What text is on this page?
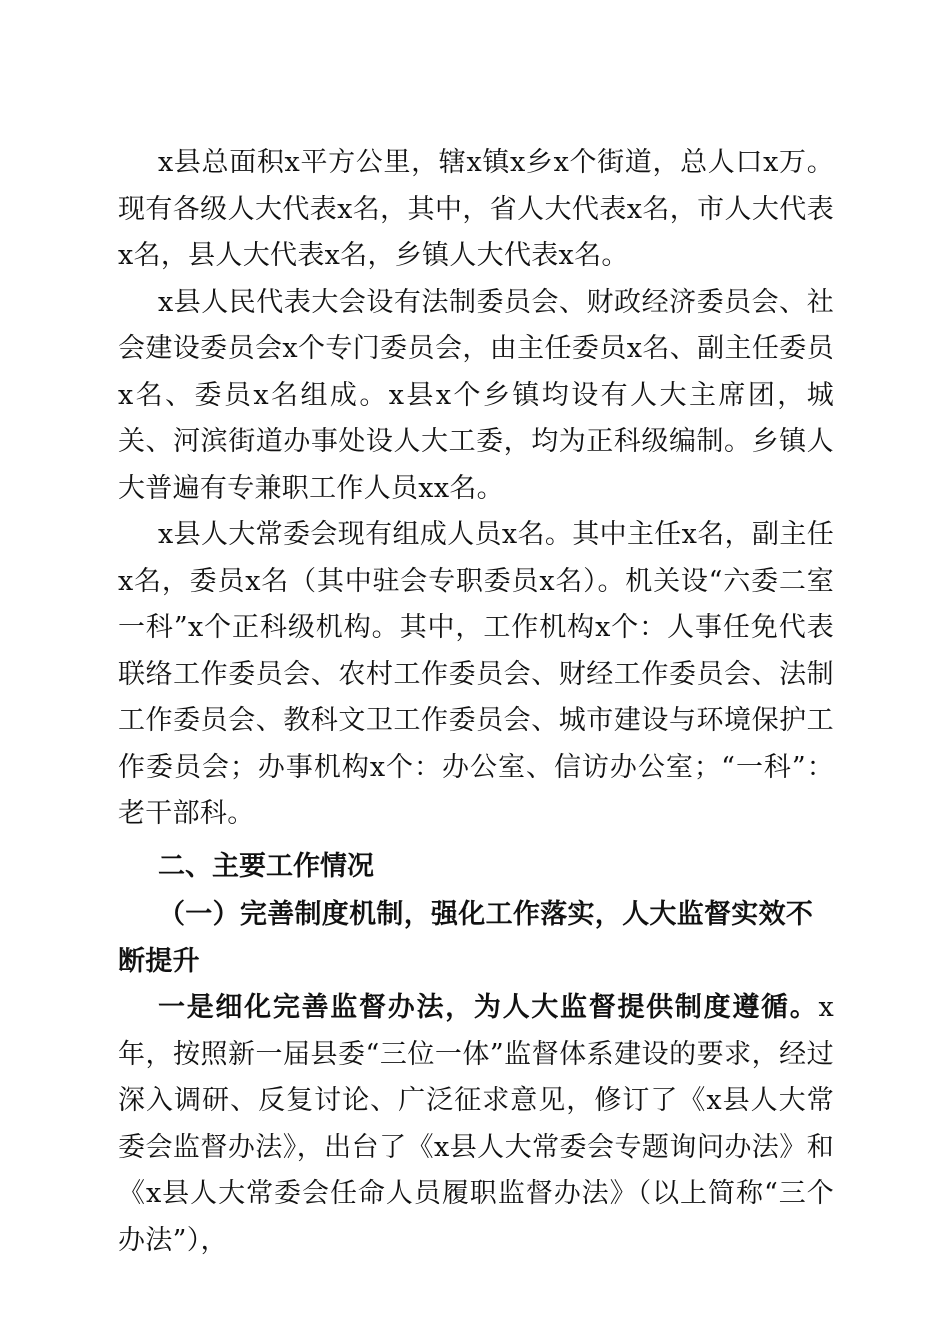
x县总面积x平方公里，辖x镇x乡x个街道，总人口x万。现有各级人大代表x名，其中，省人大代表x名，市人大代表x名，县人大代表x名，乡镇人大代表x名。

x县人民代表大会设有法制委员会、财政经济委员会、社会建设委员会x个专门委员会，由主任委员x名、副主任委员x名、委员x名组成。x县x个乡镇均设有人大主席团，城关、河滨街道办事处设人大工委，均为正科级编制。乡镇人大普遍有专兼职工作人员xx名。

x县人大常委会现有组成人员x名。其中主任x名，副主任x名，委员x名（其中驻会专职委员x名）。机关设“六委二室一科”x个正科级机构。其中，工作机构x个：人事任免代表联络工作委员会、农村工作委员会、财经工作委员会、法制工作委员会、教科文卫工作委员会、城市建设与环境保护工作委员会；办事机构x个：办公室、信访办公室；“一科”：老干部科。

二、主要工作情况

（一）完善制度机制，强化工作落实，人大监督实效不断提升

一是细化完善监督办法，为人大监督提供制度遵循。x年，按照新一届县委“三位一体”监督体系建设的要求，经过深入调研、反复讨论、广泛征求意见，修订了《x县人大常委会监督办法》，出台了《x县人大常委会专题询问办法》和《x县人大常委会任命人员履职监督办法》（以上简称“三个办法”），
